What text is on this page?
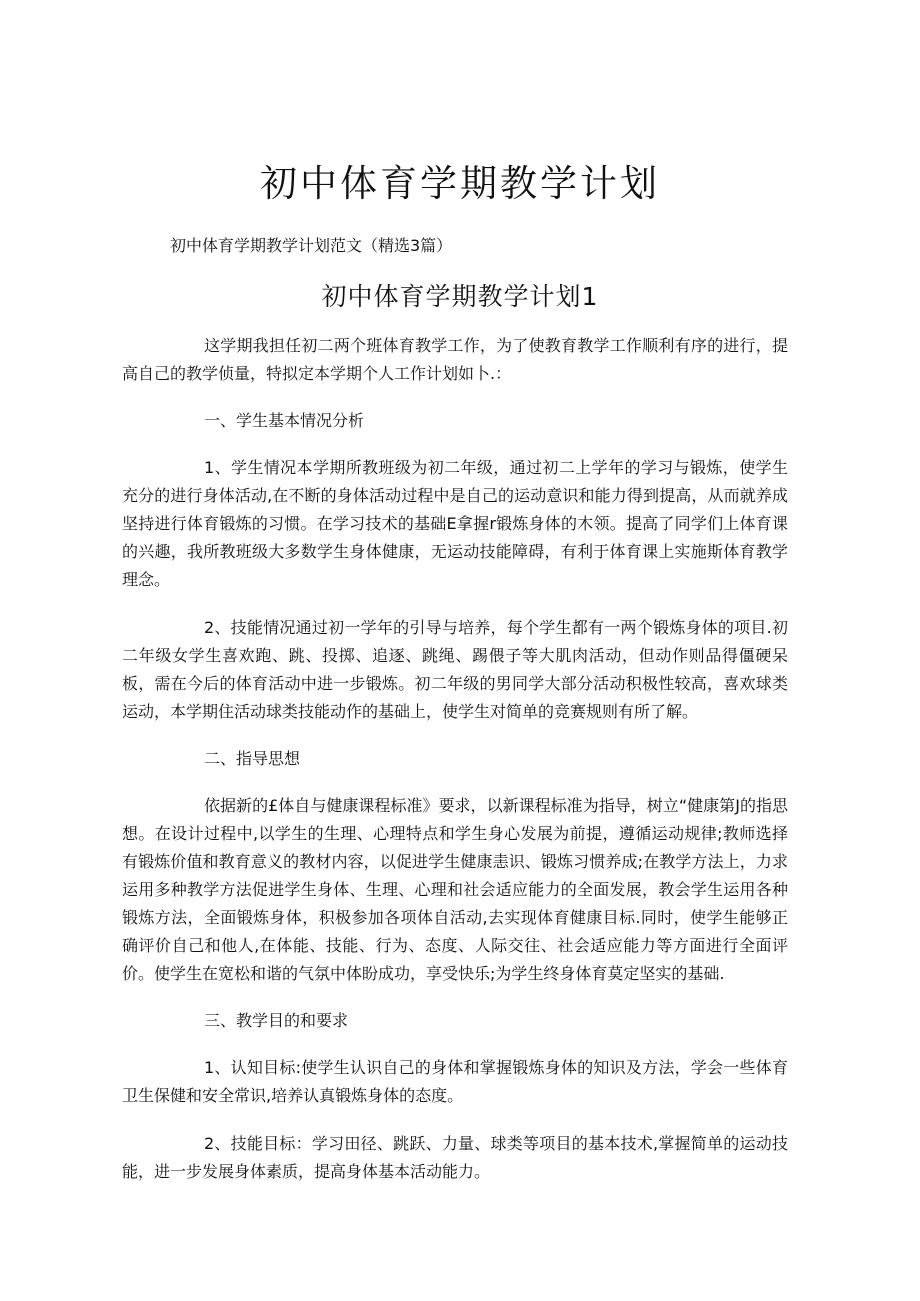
初中体育学期教学计划

初中体育学期教学计划范文（精选3篇）

初中体育学期教学计划1

这学期我担任初二两个班体育教学工作，为了使教育教学工作顺利有序的进行，提高自己的教学侦量，特拟定本学期个人工作计划如卜.：

一、学生基本情况分析

1、学生情况本学期所教班级为初二年级，通过初二上学年的学习与锻炼，使学生充分的进行身体活动,在不断的身体活动过程中是自己的运动意识和能力得到提高，从而就养成坚持进行体育锻炼的习惯。在学习技术的基础E拿握r锻炼身体的木领。提高了同学们上体育课的兴趣，我所教班级大多数学生身体健康，无运动技能障碍，有利于体育课上实施斯体育教学理念。

2、技能情况通过初一学年的引导与培养，每个学生都有一两个锻炼身体的项目.初二年级女学生喜欢跑、跳、投掷、追逐、跳绳、踢偎子等大肌肉活动，但动作则品得僵硬呆板，需在今后的体育活动中进一步锻炼。初二年级的男同学大部分活动积极性较高，喜欢球类运动，本学期住活动球类技能动作的基础上，使学生对简单的竞赛规则有所了解。

二、指导思想

依据新的£体自与健康课程标准》要求，以新课程标准为指导，树立“健康第J的指思想。在设计过程中,以学生的生理、心理特点和学生身心发展为前提，遵循运动规律;教师选择有锻炼价值和教育意义的教材内容，以促进学生健康恚识、锻炼习惯养成;在教学方法上，力求运用多种教学方法促进学生身体、生理、心理和社会适应能力的全面发展，教会学生运用各种锻炼方法，全面锻炼身体，积极参加各项体自活动,去实现体育健康目标.同时，使学生能够正确评价自己和他人,在体能、技能、行为、态度、人际交往、社会适应能力等方面进行全面评价。使学生在宽松和谐的气氛中体盼成功，享受快乐;为学生终身体育莫定坚实的基础.

三、教学目的和要求

1、认知目标:使学生认识自己的身体和掌握锻炼身体的知识及方法，学会一些体育卫生保健和安全常识,培养认真锻炼身体的态度。

2、技能目标：学习田径、跳跃、力量、球类等项目的基本技术,掌握简单的运动技能，进一步发展身体素质，提高身体基本活动能力。
